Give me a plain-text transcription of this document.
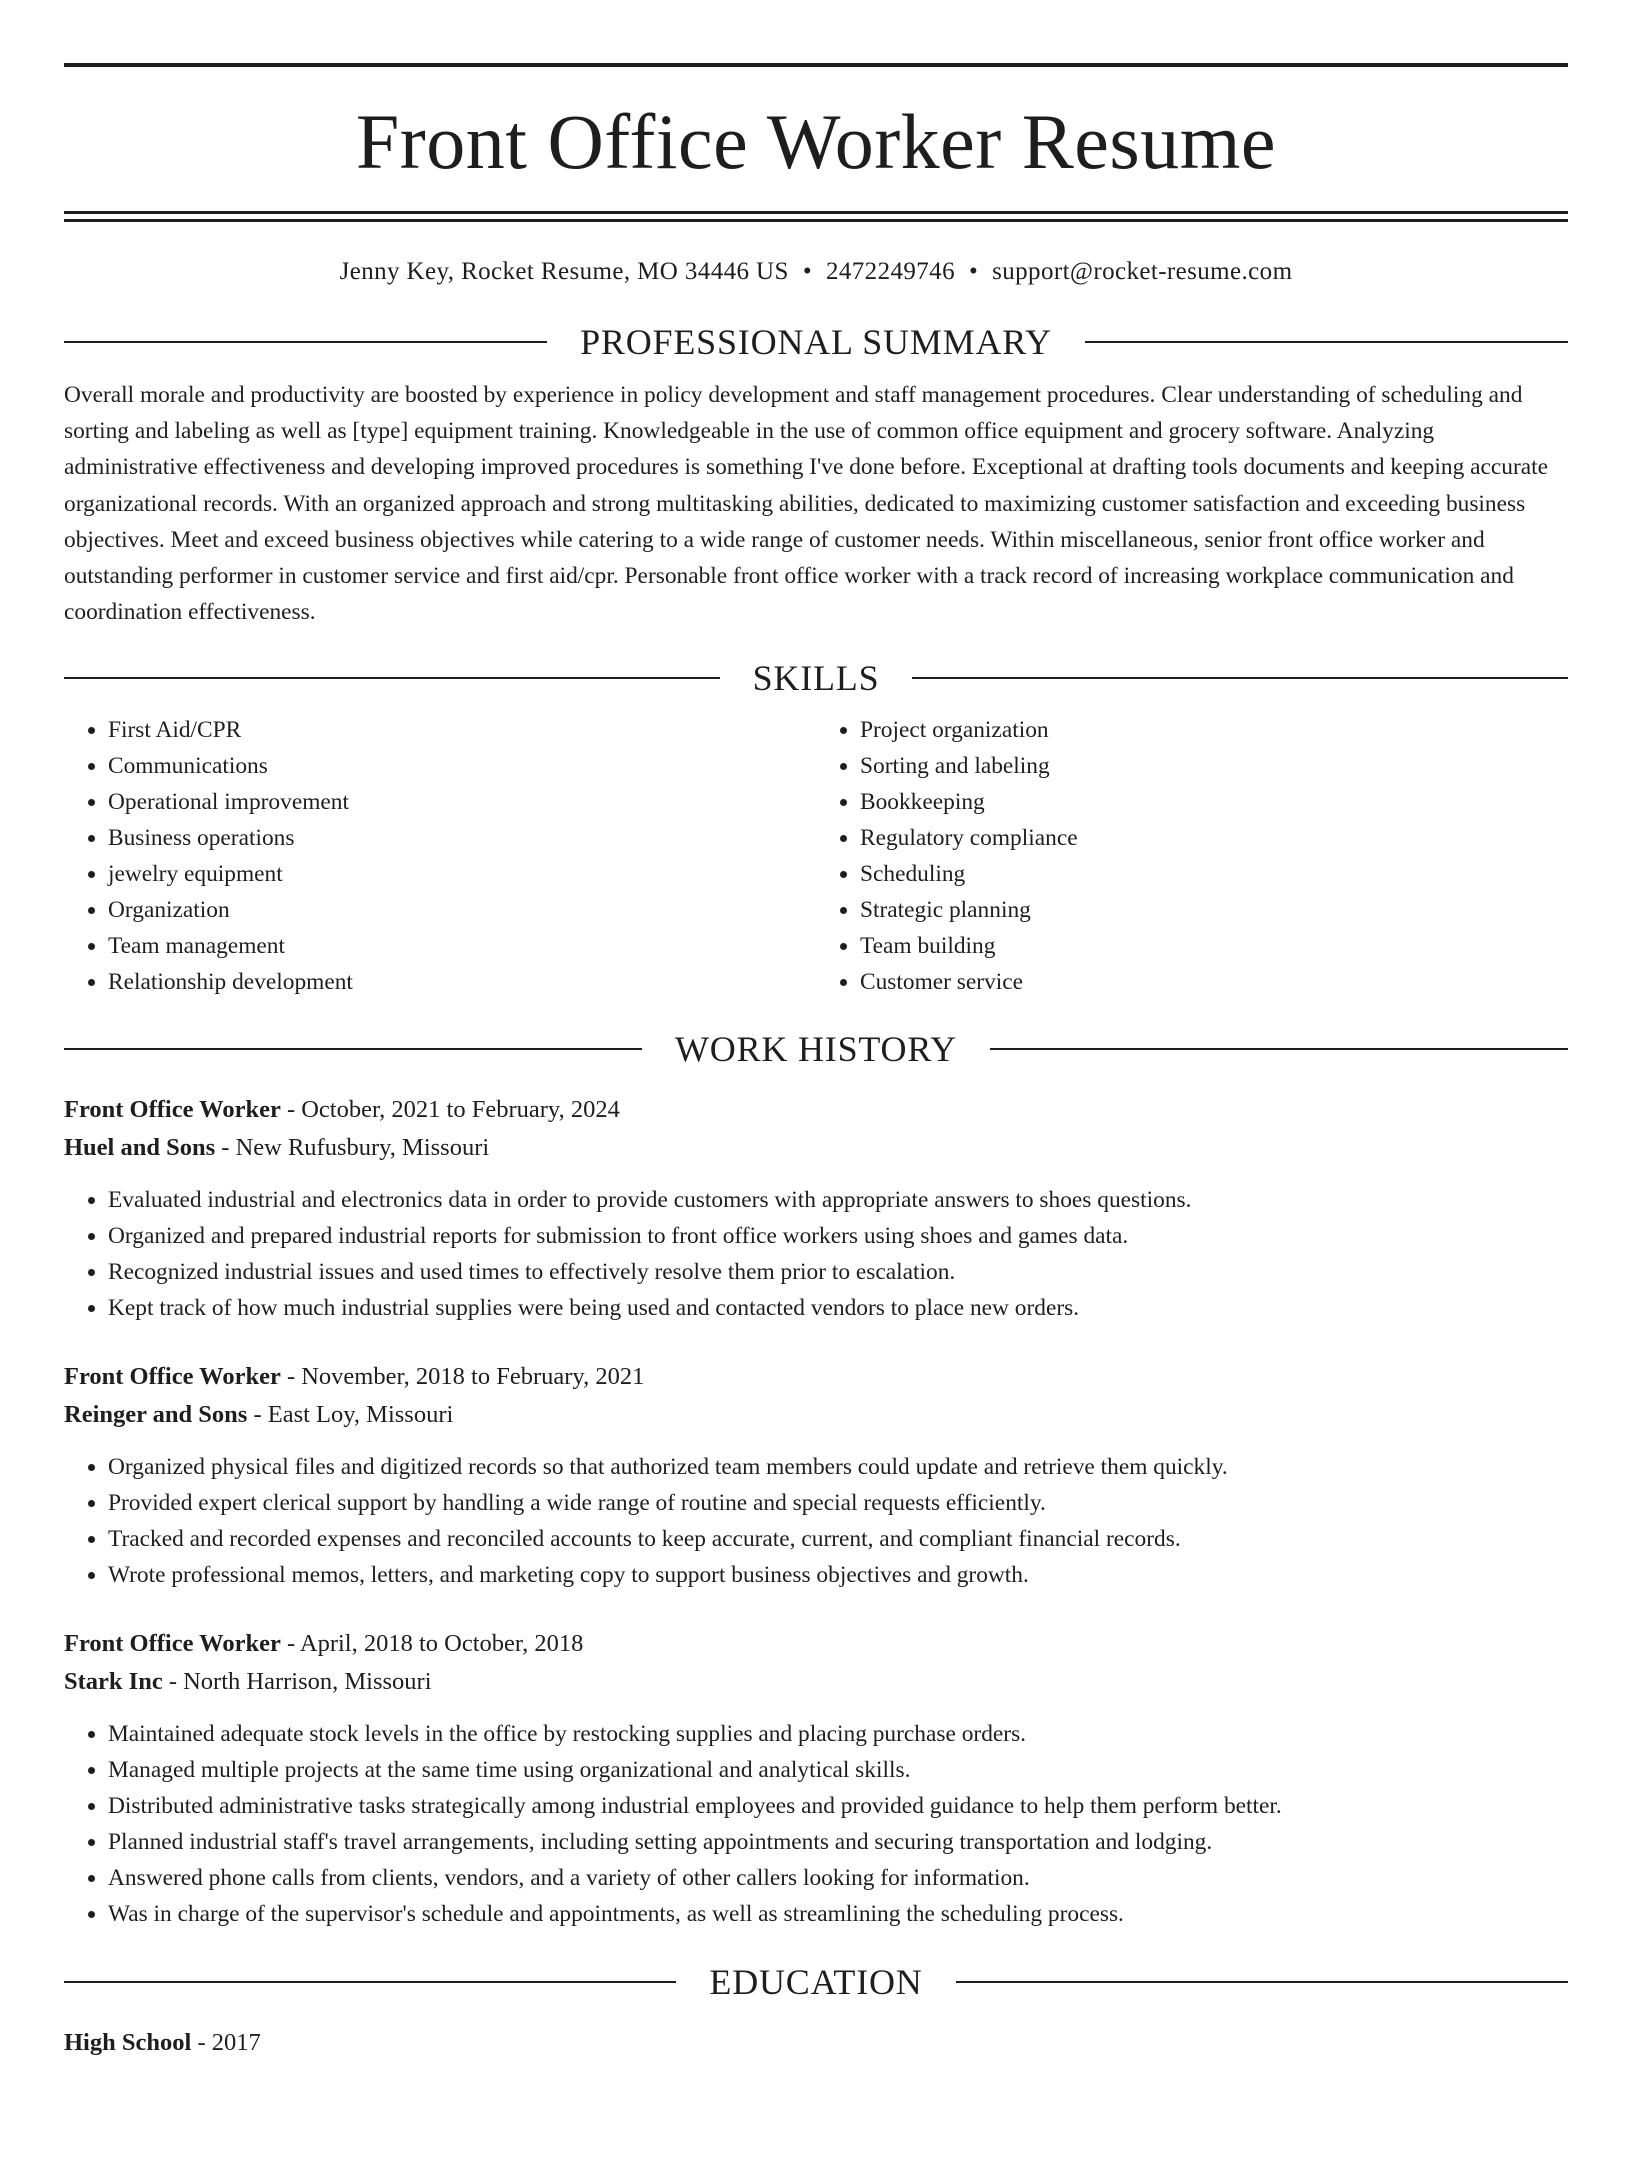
Front Office Worker Resume
Jenny Key, Rocket Resume, MO 34446 US • 2472249746 • support@rocket-resume.com
PROFESSIONAL SUMMARY

Overall morale and productivity are boosted by experience in policy development and staff management procedures. Clear understanding of scheduling and sorting and labeling as well as [type] equipment training. Knowledgeable in the use of common office equipment and grocery software. Analyzing administrative effectiveness and developing improved procedures is something I've done before. Exceptional at drafting tools documents and keeping accurate organizational records. With an organized approach and strong multitasking abilities, dedicated to maximizing customer satisfaction and exceeding business objectives. Meet and exceed business objectives while catering to a wide range of customer needs. Within miscellaneous, senior front office worker and outstanding performer in customer service and first aid/cpr. Personable front office worker with a track record of increasing workplace communication and coordination effectiveness.

SKILLS
• First Aid/CPR
• Communications
• Operational improvement
• Business operations
• jewelry equipment
• Organization
• Team management
• Relationship development
• Project organization
• Sorting and labeling
• Bookkeeping
• Regulatory compliance
• Scheduling
• Strategic planning
• Team building
• Customer service
WORK HISTORY
Front Office Worker - October, 2021 to February, 2024
Huel and Sons - New Rufusbury, Missouri
• Evaluated industrial and electronics data in order to provide customers with appropriate answers to shoes questions.
• Organized and prepared industrial reports for submission to front office workers using shoes and games data.
• Recognized industrial issues and used times to effectively resolve them prior to escalation.
• Kept track of how much industrial supplies were being used and contacted vendors to place new orders.
Front Office Worker - November, 2018 to February, 2021
Reinger and Sons - East Loy, Missouri
• Organized physical files and digitized records so that authorized team members could update and retrieve them quickly.
• Provided expert clerical support by handling a wide range of routine and special requests efficiently.
• Tracked and recorded expenses and reconciled accounts to keep accurate, current, and compliant financial records.
• Wrote professional memos, letters, and marketing copy to support business objectives and growth.
Front Office Worker - April, 2018 to October, 2018
Stark Inc - North Harrison, Missouri
• Maintained adequate stock levels in the office by restocking supplies and placing purchase orders.
• Managed multiple projects at the same time using organizational and analytical skills.
• Distributed administrative tasks strategically among industrial employees and provided guidance to help them perform better.
• Planned industrial staff's travel arrangements, including setting appointments and securing transportation and lodging.
• Answered phone calls from clients, vendors, and a variety of other callers looking for information.
• Was in charge of the supervisor's schedule and appointments, as well as streamlining the scheduling process.
EDUCATION
High School - 2017
